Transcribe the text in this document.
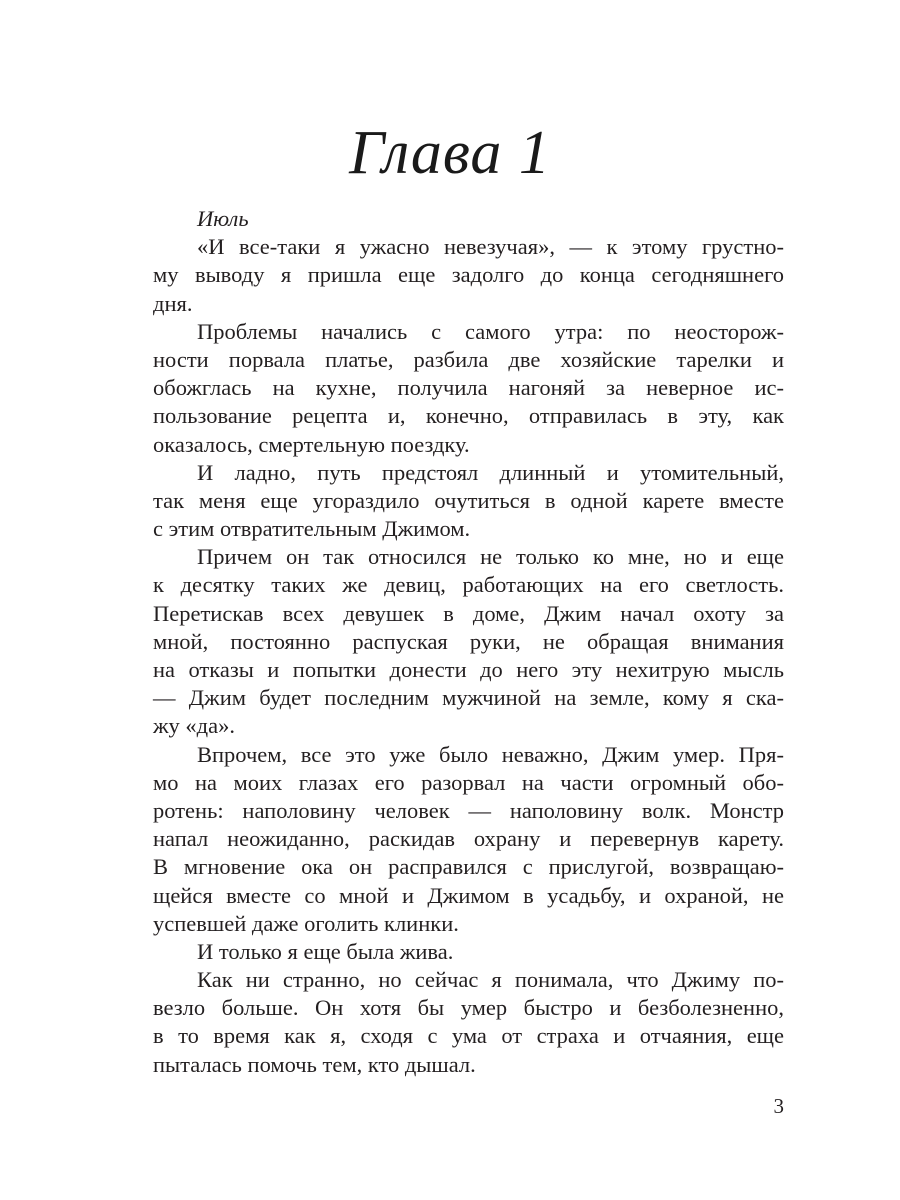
Глава 1
Июль
«И все-таки я ужасно невезучая», — к этому грустно-
му выводу я пришла еще задолго до конца сегодняшнего
дня.
Проблемы начались с самого утра: по неосторож-
ности порвала платье, разбила две хозяйские тарелки и
обожглась на кухне, получила нагоняй за неверное ис-
пользование рецепта и, конечно, отправилась в эту, как
оказалось, смертельную поездку.
И ладно, путь предстоял длинный и утомительный,
так меня еще угораздило очутиться в одной карете вместе
с этим отвратительным Джимом.
Причем он так относился не только ко мне, но и еще
к десятку таких же девиц, работающих на его светлость.
Перетискав всех девушек в доме, Джим начал охоту за
мной, постоянно распуская руки, не обращая внимания
на отказы и попытки донести до него эту нехитрую мысль
— Джим будет последним мужчиной на земле, кому я ска-
жу «да».
Впрочем, все это уже было неважно, Джим умер. Пря-
мо на моих глазах его разорвал на части огромный обо-
ротень: наполовину человек — наполовину волк. Монстр
напал неожиданно, раскидав охрану и перевернув карету.
В мгновение ока он расправился с прислугой, возвращаю-
щейся вместе со мной и Джимом в усадьбу, и охраной, не
успевшей даже оголить клинки.
И только я еще была жива.
Как ни странно, но сейчас я понимала, что Джиму по-
везло больше. Он хотя бы умер быстро и безболезненно,
в то время как я, сходя с ума от страха и отчаяния, еще
пыталась помочь тем, кто дышал.
3
